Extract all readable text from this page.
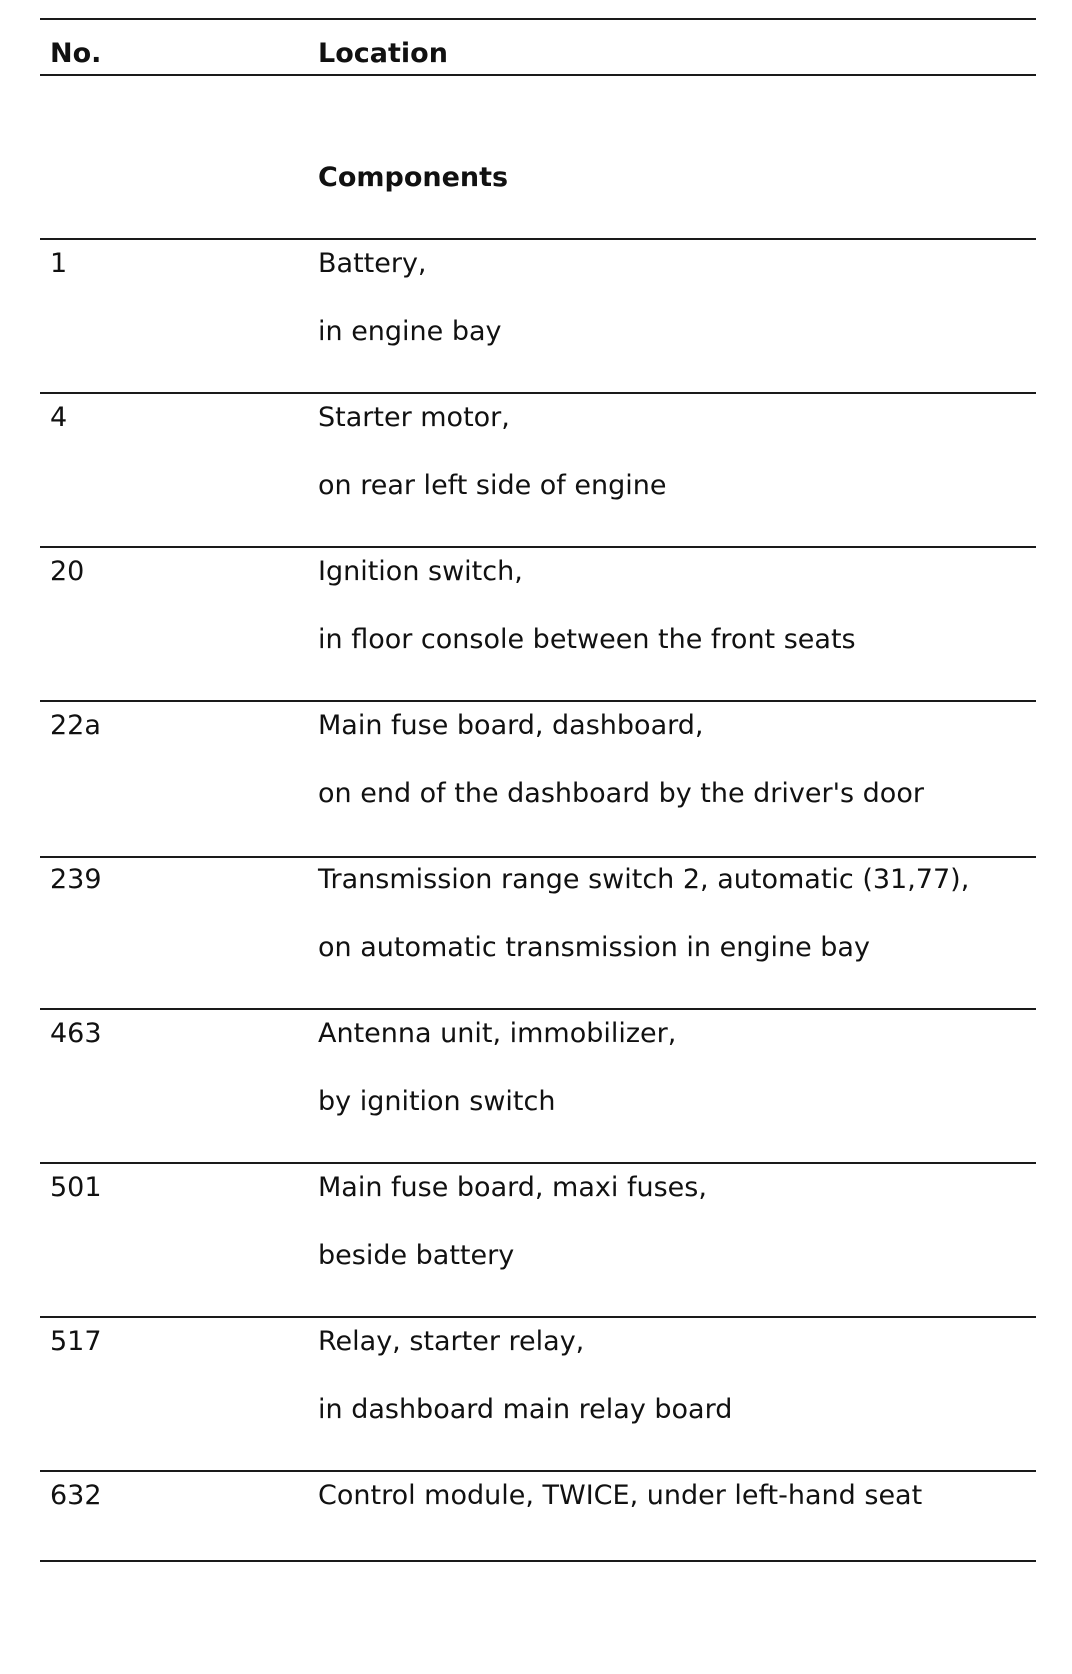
No.	Location
Components
1	Battery,
in engine bay
4	Starter motor,
on rear left side of engine
20	Ignition switch,
in floor console between the front seats
22a	Main fuse board, dashboard,
on end of the dashboard by the driver's door
239	Transmission range switch 2, automatic (31,77),
on automatic transmission in engine bay
463	Antenna unit, immobilizer,
by ignition switch
501	Main fuse board, maxi fuses,
beside battery
517	Relay, starter relay,
in dashboard main relay board
632	Control module, TWICE, under left-hand seat
